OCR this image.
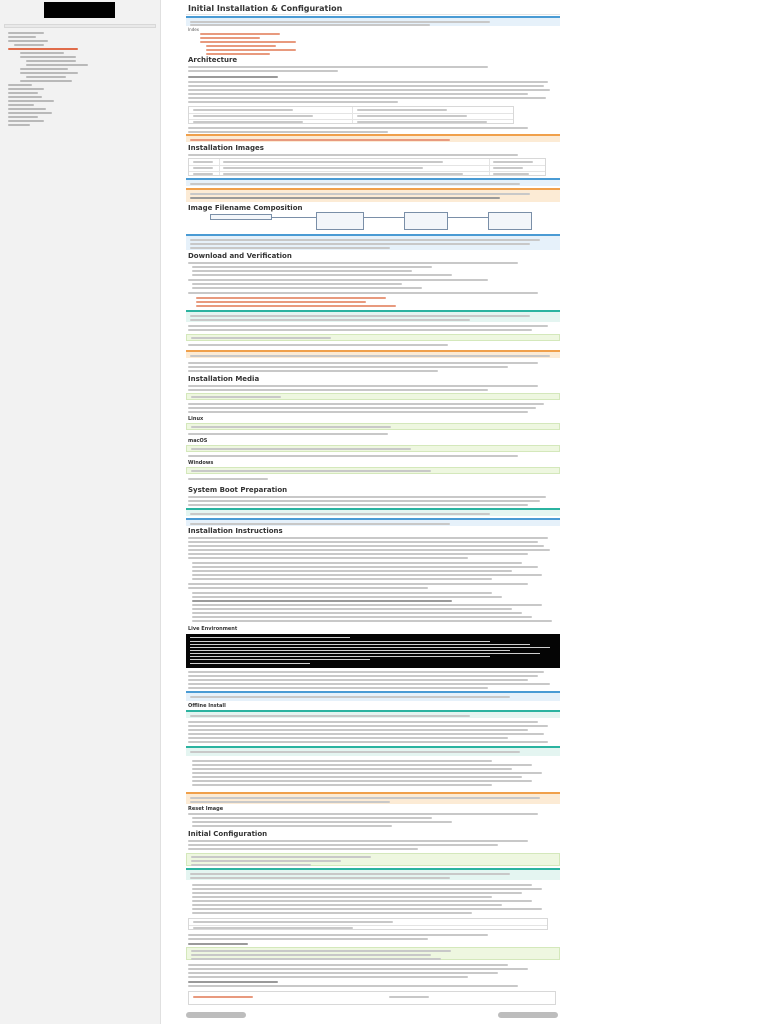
Initial Installation & Configuration
Index
Architecture
Installation Images
Image Filename Composition
Download and Verification
Installation Media
Linux
macOS
Windows
System Boot Preparation
Installation Instructions
Live Environment
Offline Install
Reset Image
Initial Configuration
